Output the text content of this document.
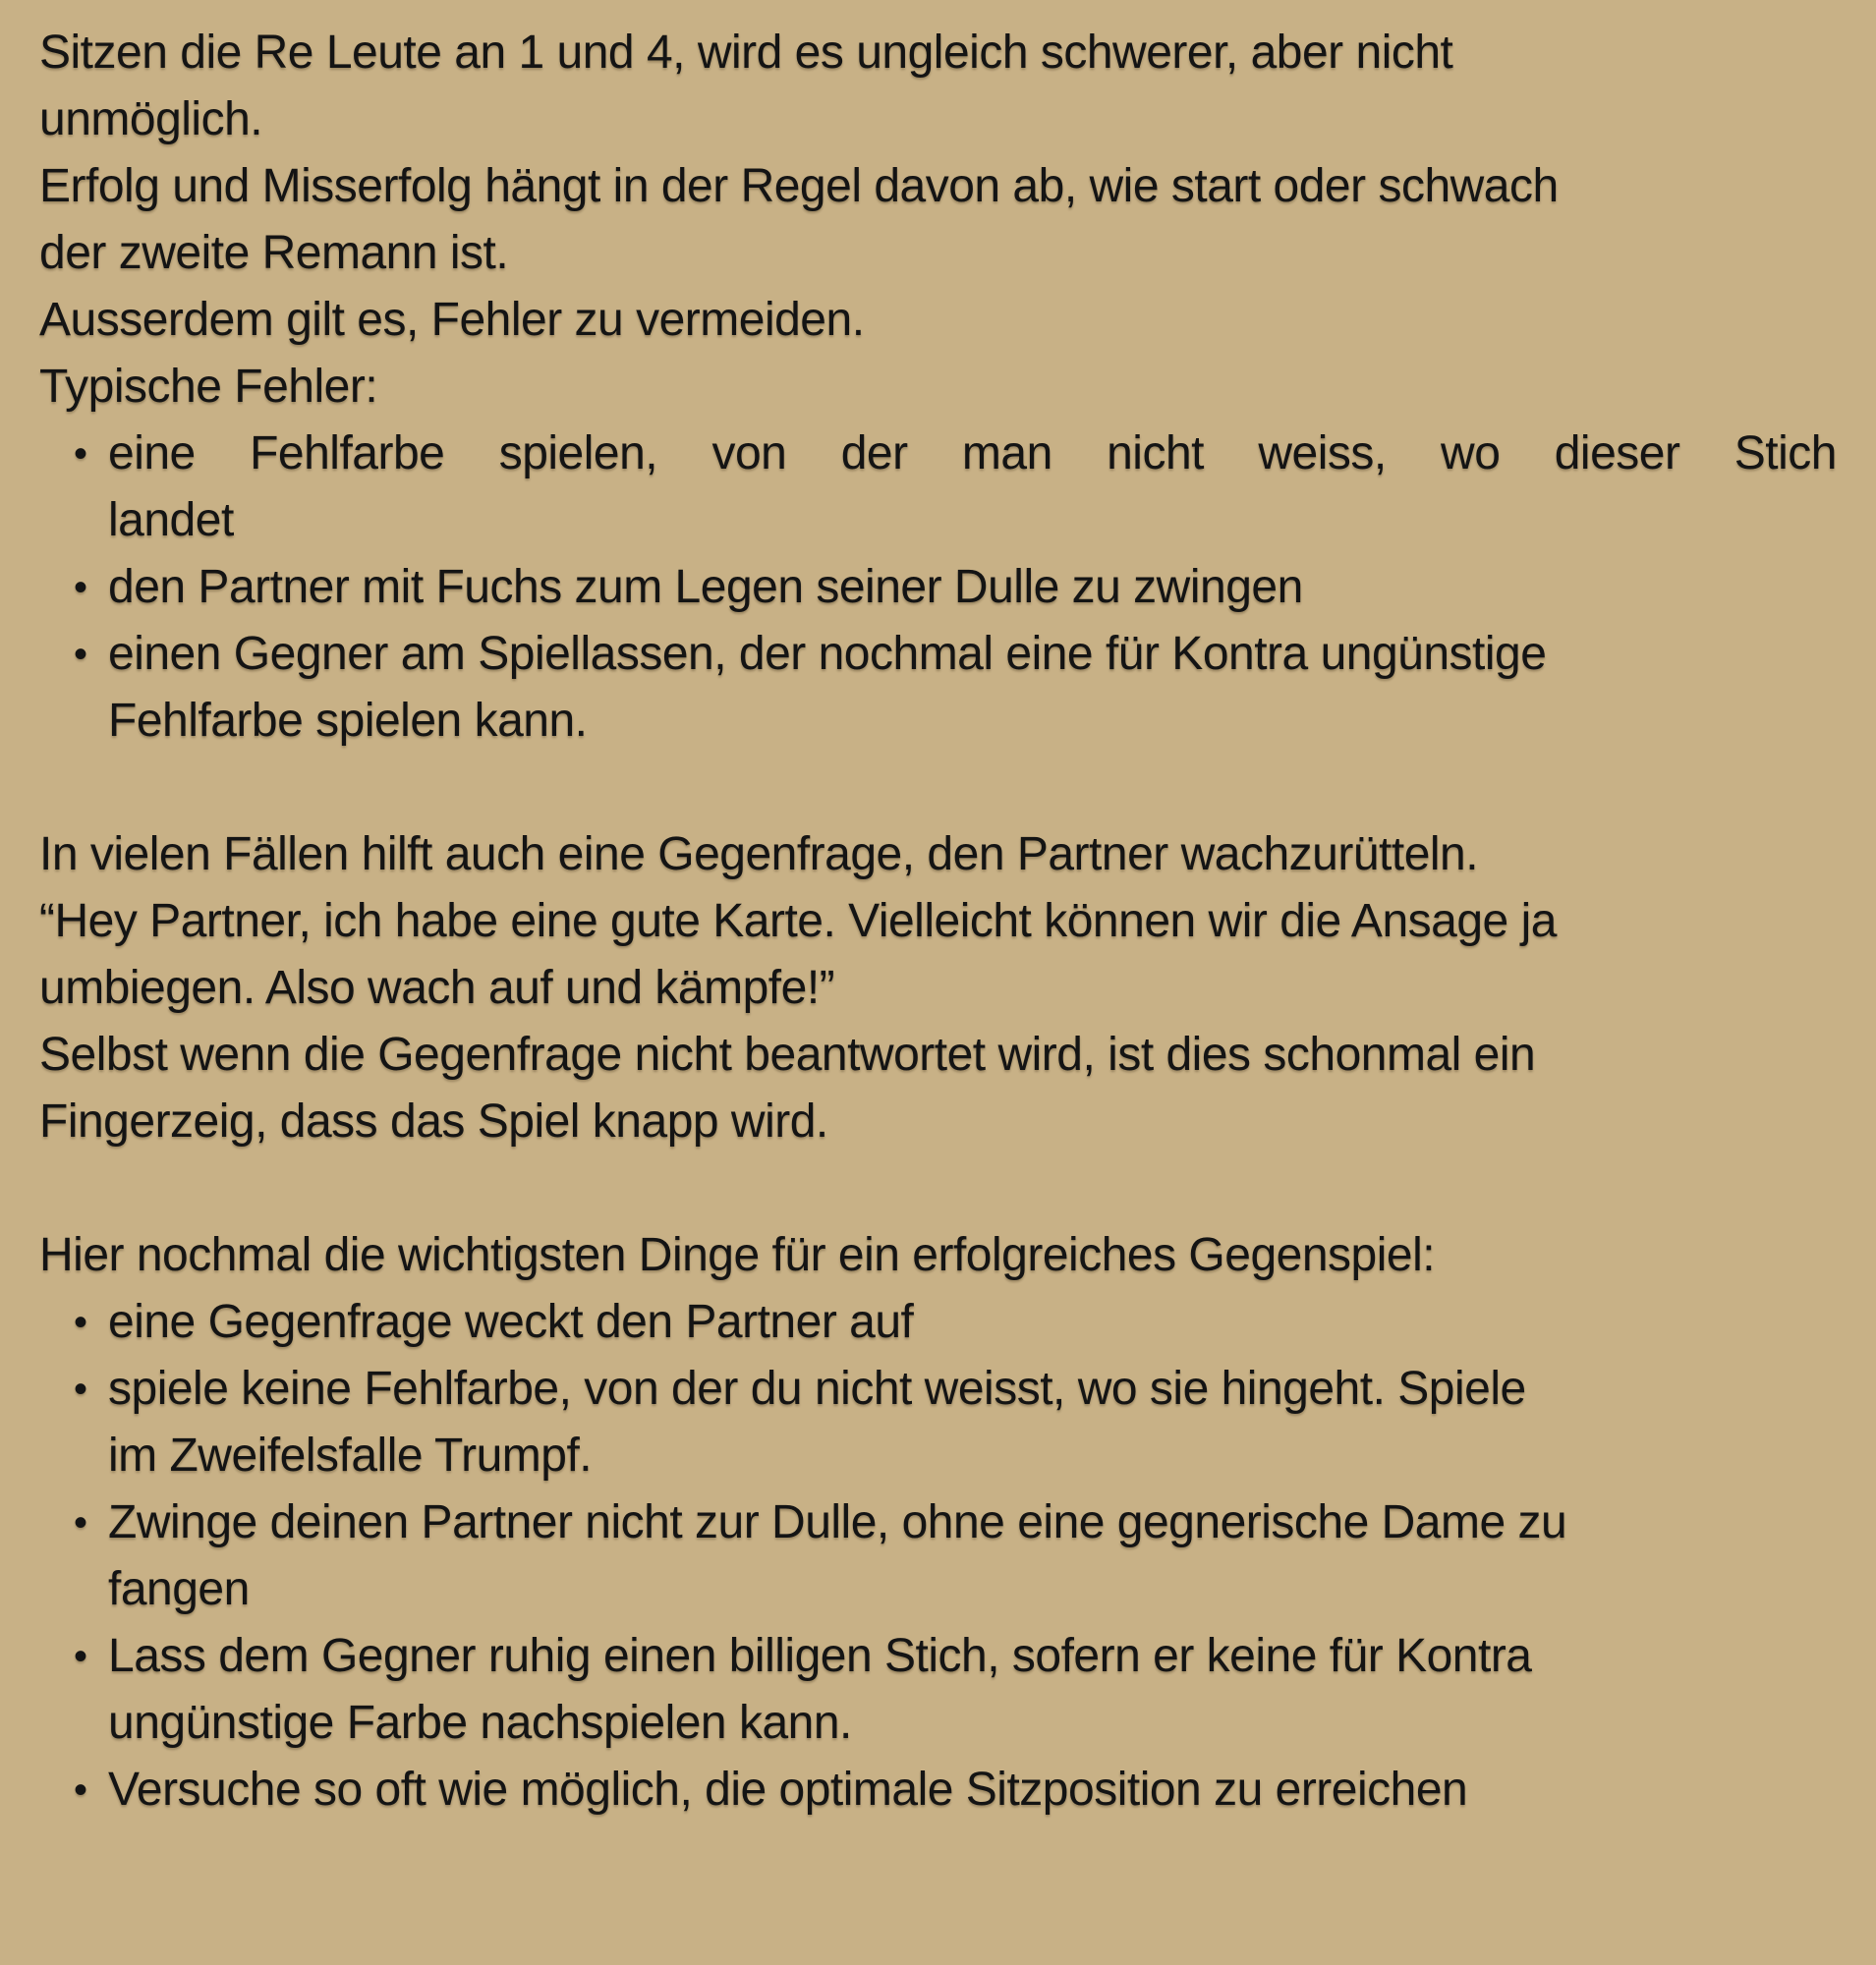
Sitzen die Re Leute an 1 und 4, wird es ungleich schwerer, aber nicht
unmöglich.
Erfolg und Misserfolg hängt in der Regel davon ab, wie start oder schwach
der zweite Remann ist.
Ausserdem gilt es, Fehler zu vermeiden.
Typische Fehler:
• eine Fehlfarbe spielen, von der man nicht weiss, wo dieser Stich
landet
• den Partner mit Fuchs zum Legen seiner Dulle zu zwingen
• einen Gegner am Spiellassen, der nochmal eine für Kontra ungünstige
Fehlfarbe spielen kann.
In vielen Fällen hilft auch eine Gegenfrage, den Partner wachzurütteln.
“Hey Partner, ich habe eine gute Karte. Vielleicht können wir die Ansage ja
umbiegen. Also wach auf und kämpfe!”
Selbst wenn die Gegenfrage nicht beantwortet wird, ist dies schonmal ein
Fingerzeig, dass das Spiel knapp wird.
Hier nochmal die wichtigsten Dinge für ein erfolgreiches Gegenspiel:
• eine Gegenfrage weckt den Partner auf
• spiele keine Fehlfarbe, von der du nicht weisst, wo sie hingeht. Spiele
im Zweifelsfalle Trumpf.
• Zwinge deinen Partner nicht zur Dulle, ohne eine gegnerische Dame zu
fangen
• Lass dem Gegner ruhig einen billigen Stich, sofern er keine für Kontra
ungünstige Farbe nachspielen kann.
• Versuche so oft wie möglich, die optimale Sitzposition zu erreichen
